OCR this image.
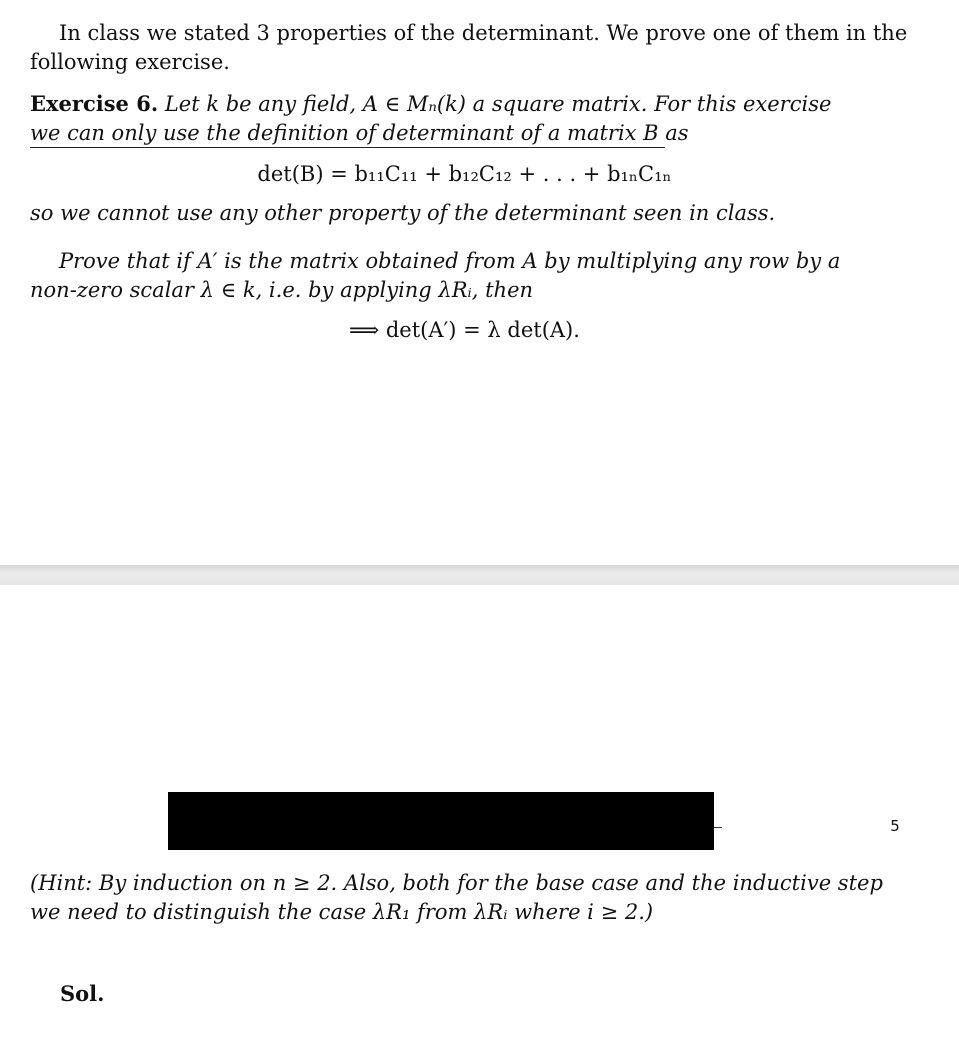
In class we stated 3 properties of the determinant. We prove one of them in the
following exercise.
Exercise 6. Let k be any field, A ∈ Mₙ(k) a square matrix. For this exercise
we can only use the definition of determinant of a matrix B as
det(B) = b₁₁C₁₁ + b₁₂C₁₂ + . . . + b₁ₙC₁ₙ
so we cannot use any other property of the determinant seen in class.
Prove that if A′ is the matrix obtained from A by multiplying any row by a
non-zero scalar λ ∈ k, i.e. by applying λRᵢ, then
⟹ det(A′) = λ det(A).
5
(Hint: By induction on n ≥ 2. Also, both for the base case and the inductive step
we need to distinguish the case λR₁ from λRᵢ where i ≥ 2.)
Sol.
